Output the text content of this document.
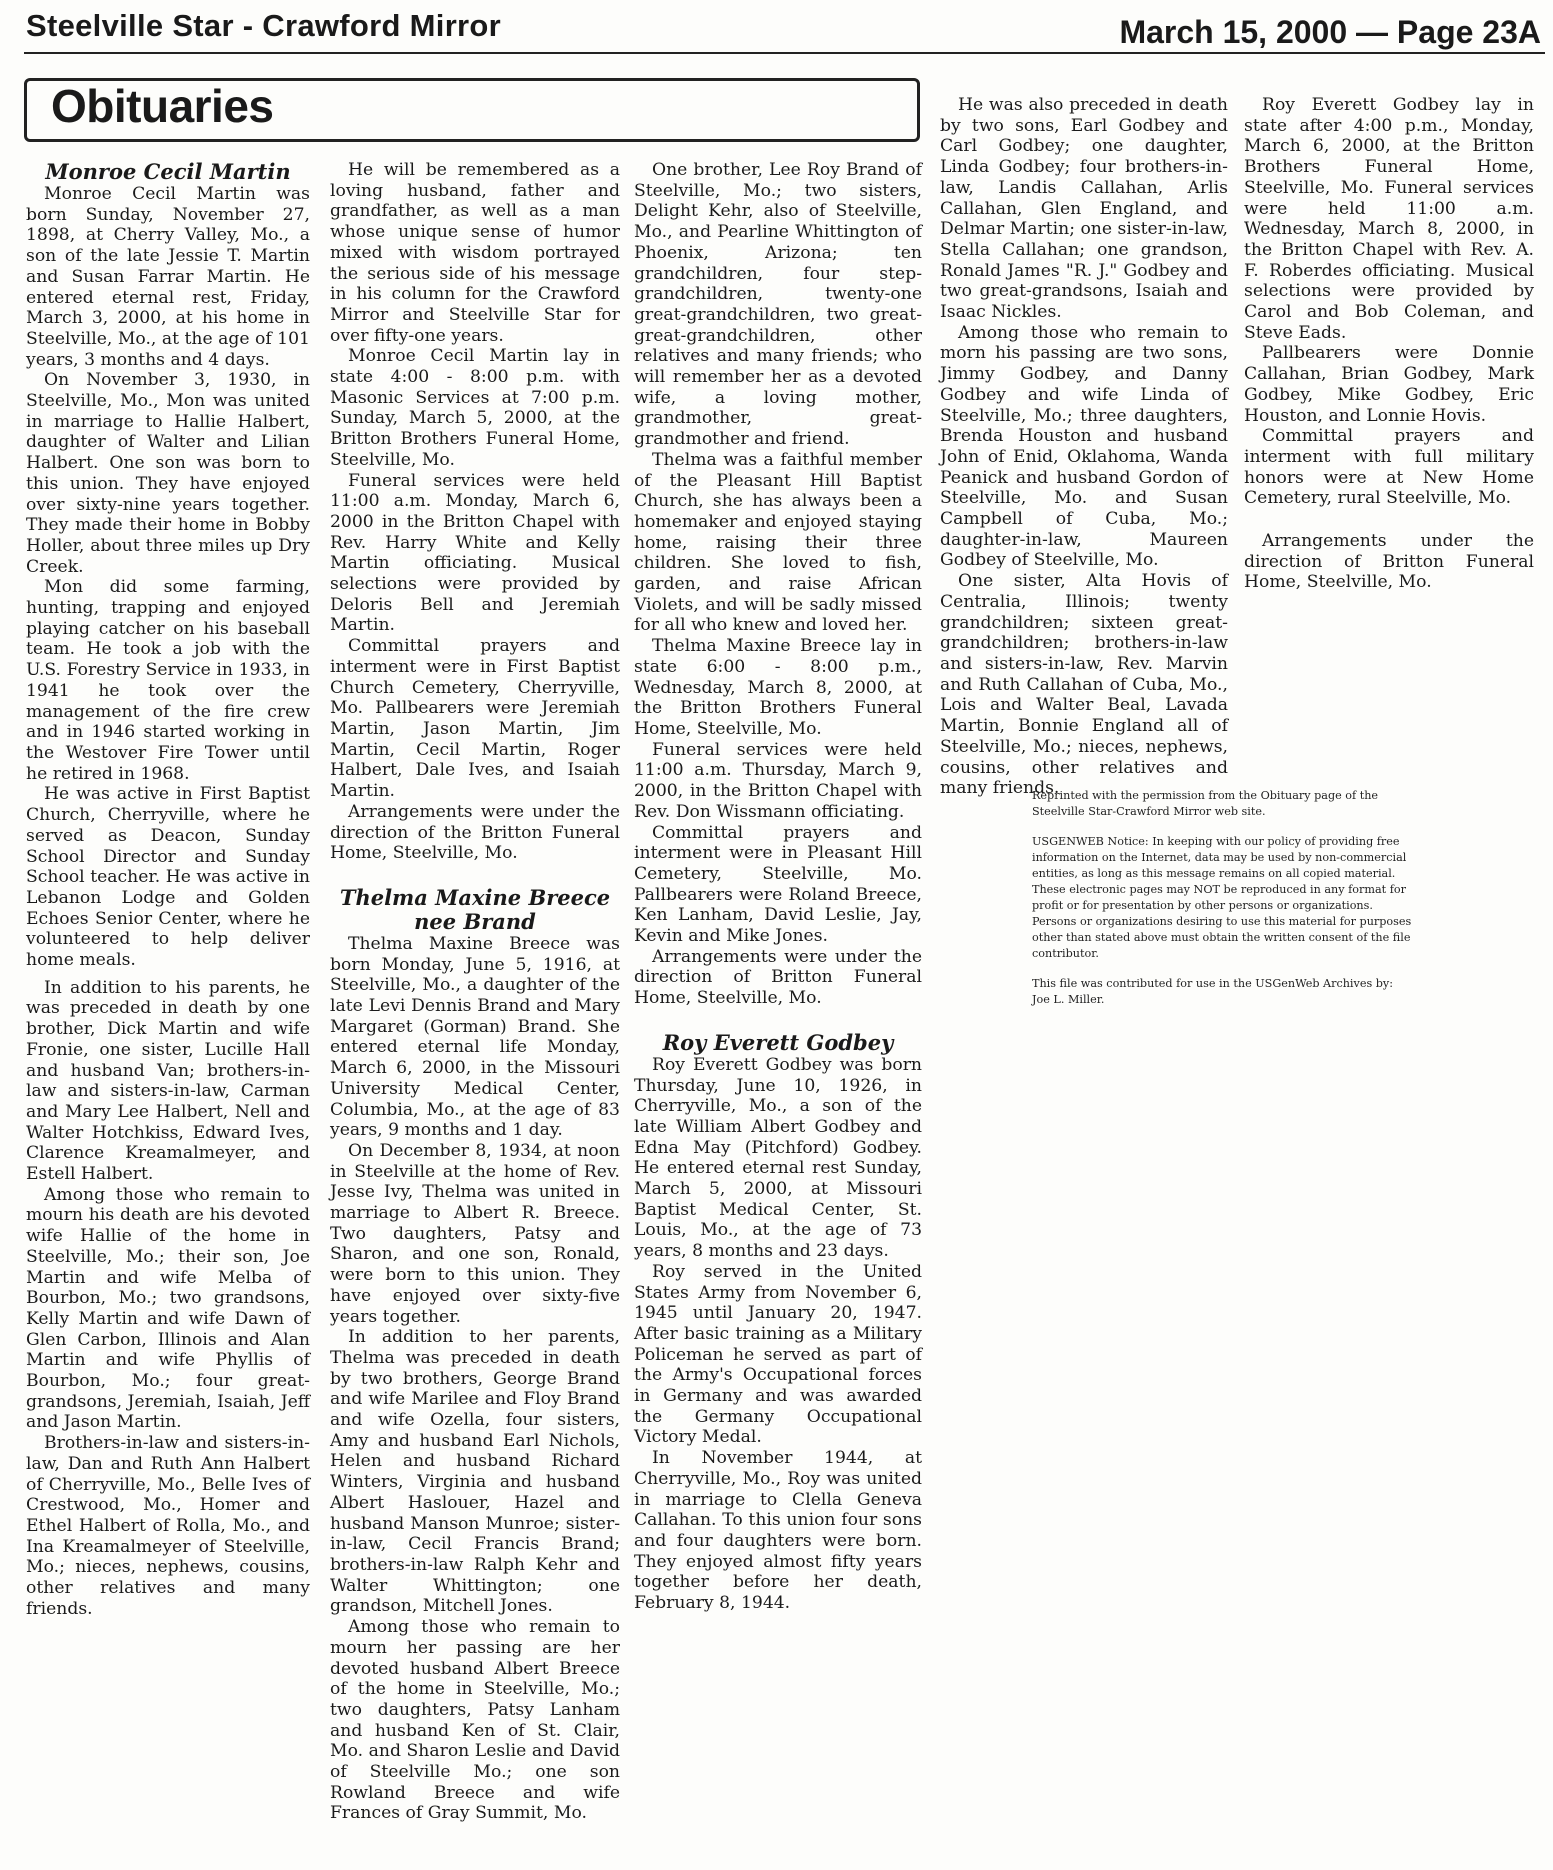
Steelville Star - Crawford Mirror	March 15, 2000 — Page 23A
Obituaries
Monroe Cecil Martin

Monroe Cecil Martin was born Sunday, November 27, 1898, at Cherry Valley, Mo., a son of the late Jessie T. Martin and Susan Farrar Martin. He entered eternal rest, Friday, March 3, 2000, at his home in Steelville, Mo., at the age of 101 years, 3 months and 4 days.

On November 3, 1930, in Steelville, Mo., Mon was united in marriage to Hallie Halbert, daughter of Walter and Lilian Halbert. One son was born to this union. They have enjoyed over sixty-nine years together. They made their home in Bobby Holler, about three miles up Dry Creek.

Mon did some farming, hunting, trapping and enjoyed playing catcher on his baseball team. He took a job with the U.S. Forestry Service in 1933, in 1941 he took over the management of the fire crew and in 1946 started working in the Westover Fire Tower until he retired in 1968.

He was active in First Baptist Church, Cherryville, where he served as Deacon, Sunday School Director and Sunday School teacher. He was active in Lebanon Lodge and Golden Echoes Senior Center, where he volunteered to help deliver home meals.

In addition to his parents, he was preceded in death by one brother, Dick Martin and wife Fronie, one sister, Lucille Hall and husband Van; brothers-in-law and sisters-in-law, Carman and Mary Lee Halbert, Nell and Walter Hotchkiss, Edward Ives, Clarence Kreamalmeyer, and Estell Halbert.

Among those who remain to mourn his death are his devoted wife Hallie of the home in Steelville, Mo.; their son, Joe Martin and wife Melba of Bourbon, Mo.; two grandsons, Kelly Martin and wife Dawn of Glen Carbon, Illinois and Alan Martin and wife Phyllis of Bourbon, Mo.; four great-grandsons, Jeremiah, Isaiah, Jeff and Jason Martin.

Brothers-in-law and sisters-in-law, Dan and Ruth Ann Halbert of Cherryville, Mo., Belle Ives of Crestwood, Mo., Homer and Ethel Halbert of Rolla, Mo., and Ina Kreamalmeyer of Steelville, Mo.; nieces, nephews, cousins, other relatives and many friends.

He will be remembered as a loving husband, father and grandfather, as well as a man whose unique sense of humor mixed with wisdom portrayed the serious side of his message in his column for the Crawford Mirror and Steelville Star for over fifty-one years.

Monroe Cecil Martin lay in state 4:00 - 8:00 p.m. with Masonic Services at 7:00 p.m. Sunday, March 5, 2000, at the Britton Brothers Funeral Home, Steelville, Mo.

Funeral services were held 11:00 a.m. Monday, March 6, 2000 in the Britton Chapel with Rev. Harry White and Kelly Martin officiating. Musical selections were provided by Deloris Bell and Jeremiah Martin.

Committal prayers and interment were in First Baptist Church Cemetery, Cherryville, Mo. Pallbearers were Jeremiah Martin, Jason Martin, Jim Martin, Cecil Martin, Roger Halbert, Dale Ives, and Isaiah Martin.

Arrangements were under the direction of the Britton Funeral Home, Steelville, Mo.

Thelma Maxine Breece
nee Brand

Thelma Maxine Breece was born Monday, June 5, 1916, at Steelville, Mo., a daughter of the late Levi Dennis Brand and Mary Margaret (Gorman) Brand. She entered eternal life Monday, March 6, 2000, in the Missouri University Medical Center, Columbia, Mo., at the age of 83 years, 9 months and 1 day.

On December 8, 1934, at noon in Steelville at the home of Rev. Jesse Ivy, Thelma was united in marriage to Albert R. Breece. Two daughters, Patsy and Sharon, and one son, Ronald, were born to this union. They have enjoyed over sixty-five years together.

In addition to her parents, Thelma was preceded in death by two brothers, George Brand and wife Marilee and Floy Brand and wife Ozella, four sisters, Amy and husband Earl Nichols, Helen and husband Richard Winters, Virginia and husband Albert Haslouer, Hazel and husband Manson Munroe; sister-in-law, Cecil Francis Brand; brothers-in-law Ralph Kehr and Walter Whittington; one grandson, Mitchell Jones.

Among those who remain to mourn her passing are her devoted husband Albert Breece of the home in Steelville, Mo.; two daughters, Patsy Lanham and husband Ken of St. Clair, Mo. and Sharon Leslie and David of Steelville Mo.; one son Rowland Breece and wife Frances of Gray Summit, Mo.

One brother, Lee Roy Brand of Steelville, Mo.; two sisters, Delight Kehr, also of Steelville, Mo., and Pearline Whittington of Phoenix, Arizona; ten grandchildren, four step-grandchildren, twenty-one great-grandchildren, two great-great-grandchildren, other relatives and many friends; who will remember her as a devoted wife, a loving mother, grandmother, great-grandmother and friend.

Thelma was a faithful member of the Pleasant Hill Baptist Church, she has always been a homemaker and enjoyed staying home, raising their three children. She loved to fish, garden, and raise African Violets, and will be sadly missed for all who knew and loved her.

Thelma Maxine Breece lay in state 6:00 - 8:00 p.m., Wednesday, March 8, 2000, at the Britton Brothers Funeral Home, Steelville, Mo.

Funeral services were held 11:00 a.m. Thursday, March 9, 2000, in the Britton Chapel with Rev. Don Wissmann officiating.

Committal prayers and interment were in Pleasant Hill Cemetery, Steelville, Mo. Pallbearers were Roland Breece, Ken Lanham, David Leslie, Jay, Kevin and Mike Jones.

Arrangements were under the direction of Britton Funeral Home, Steelville, Mo.

Roy Everett Godbey

Roy Everett Godbey was born Thursday, June 10, 1926, in Cherryville, Mo., a son of the late William Albert Godbey and Edna May (Pitchford) Godbey. He entered eternal rest Sunday, March 5, 2000, at Missouri Baptist Medical Center, St. Louis, Mo., at the age of 73 years, 8 months and 23 days.

Roy served in the United States Army from November 6, 1945 until January 20, 1947. After basic training as a Military Policeman he served as part of the Army's Occupational forces in Germany and was awarded the Germany Occupational Victory Medal.

In November 1944, at Cherryville, Mo., Roy was united in marriage to Clella Geneva Callahan. To this union four sons and four daughters were born. They enjoyed almost fifty years together before her death, February 8, 1944.

He was also preceded in death by two sons, Earl Godbey and Carl Godbey; one daughter, Linda Godbey; four brothers-in-law, Landis Callahan, Arlis Callahan, Glen England, and Delmar Martin; one sister-in-law, Stella Callahan; one grandson, Ronald James "R. J." Godbey and two great-grandsons, Isaiah and Isaac Nickles.

Among those who remain to morn his passing are two sons, Jimmy Godbey, and Danny Godbey and wife Linda of Steelville, Mo.; three daughters, Brenda Houston and husband John of Enid, Oklahoma, Wanda Peanick and husband Gordon of Steelville, Mo. and Susan Campbell of Cuba, Mo.; daughter-in-law, Maureen Godbey of Steelville, Mo.

One sister, Alta Hovis of Centralia, Illinois; twenty grandchildren; sixteen great-grandchildren; brothers-in-law and sisters-in-law, Rev. Marvin and Ruth Callahan of Cuba, Mo., Lois and Walter Beal, Lavada Martin, Bonnie England all of Steelville, Mo.; nieces, nephews, cousins, other relatives and many friends.

Roy Everett Godbey lay in state after 4:00 p.m., Monday, March 6, 2000, at the Britton Brothers Funeral Home, Steelville, Mo. Funeral services were held 11:00 a.m. Wednesday, March 8, 2000, in the Britton Chapel with Rev. A. F. Roberdes officiating. Musical selections were provided by Carol and Bob Coleman, and Steve Eads.

Pallbearers were Donnie Callahan, Brian Godbey, Mark Godbey, Mike Godbey, Eric Houston, and Lonnie Hovis.

Committal prayers and interment with full military honors were at New Home Cemetery, rural Steelville, Mo.

Arrangements under the direction of Britton Funeral Home, Steelville, Mo.

Reprinted with the permission from the Obituary page of the Steelville Star-Crawford Mirror web site.

USGENWEB Notice: In keeping with our policy of providing free information on the Internet, data may be used by non-commercial entities, as long as this message remains on all copied material. These electronic pages may NOT be reproduced in any format for profit or for presentation by other persons or organizations. Persons or organizations desiring to use this material for purposes other than stated above must obtain the written consent of the file contributor.

This file was contributed for use in the USGenWeb Archives by: Joe L. Miller.
